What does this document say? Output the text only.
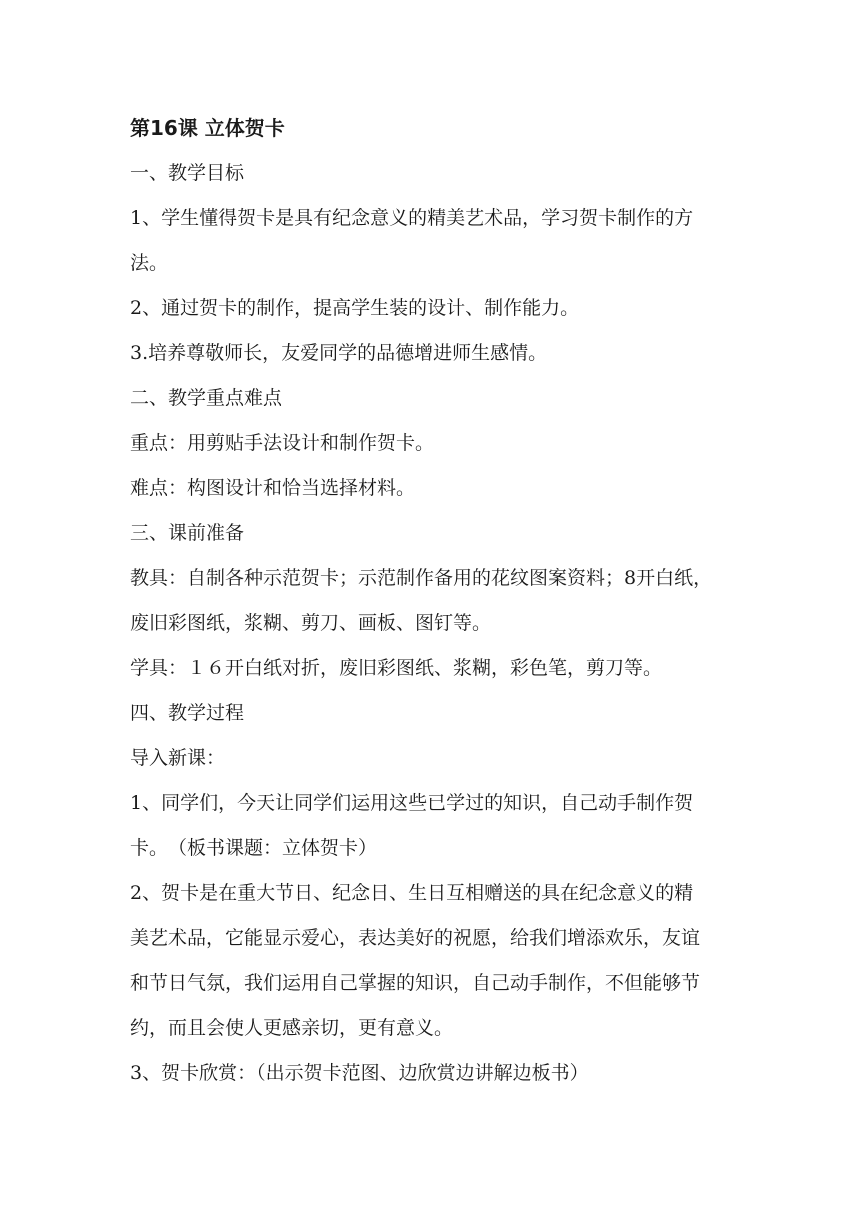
第16课 立体贺卡
一、教学目标
1、学生懂得贺卡是具有纪念意义的精美艺术品，学习贺卡制作的方
法。
2、通过贺卡的制作，提高学生装的设计、制作能力。
3.培养尊敬师长，友爱同学的品德增进师生感情。
二、教学重点难点
重点：用剪贴手法设计和制作贺卡。
难点：构图设计和恰当选择材料。
三、课前准备
教具：自制各种示范贺卡；示范制作备用的花纹图案资料；8开白纸，
废旧彩图纸，浆糊、剪刀、画板、图钉等。
学具：１６开白纸对折，废旧彩图纸、浆糊，彩色笔，剪刀等。
四、教学过程
导入新课：
1、同学们，今天让同学们运用这些已学过的知识，自己动手制作贺
卡。　（板书课题：立体贺卡）
2、贺卡是在重大节日、纪念日、生日互相赠送的具在纪念意义的精
美艺术品，它能显示爱心，表达美好的祝愿，给我们增添欢乐，友谊
和节日气氛，我们运用自己掌握的知识，自己动手制作，不但能够节
约，而且会使人更感亲切，更有意义。
3、贺卡欣赏：（出示贺卡范图、边欣赏边讲解边板书）
